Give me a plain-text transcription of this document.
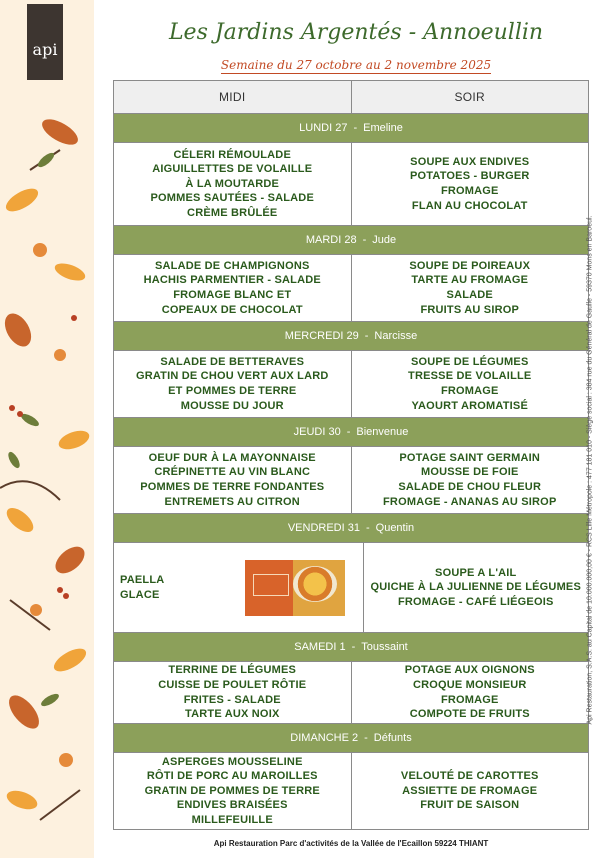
api
Les Jardins Argentés - Annoeullin
Semaine du 27 octobre au 2 novembre 2025
MIDI	SOIR
LUNDI 27 - Emeline
CÉLERI RÉMOULADE
AIGUILLETTES DE VOLAILLE
À LA MOUTARDE
POMMES SAUTÉES - SALADE
CRÈME BRÛLÉE
SOUPE AUX ENDIVES
POTATOES - BURGER
FROMAGE
FLAN AU CHOCOLAT
MARDI 28 - Jude
SALADE DE CHAMPIGNONS
HACHIS PARMENTIER - SALADE
FROMAGE BLANC ET
COPEAUX DE CHOCOLAT
SOUPE DE POIREAUX
TARTE AU FROMAGE
SALADE
FRUITS AU SIROP
MERCREDI 29 - Narcisse
SALADE DE BETTERAVES
GRATIN DE CHOU VERT AUX LARD
ET POMMES DE TERRE
MOUSSE DU JOUR
SOUPE DE LÉGUMES
TRESSE DE VOLAILLE
FROMAGE
YAOURT AROMATISÉ
JEUDI 30 - Bienvenue
OEUF DUR À LA MAYONNAISE
CRÉPINETTE AU VIN BLANC
POMMES DE TERRE FONDANTES
ENTREMETS AU CITRON
POTAGE SAINT GERMAIN
MOUSSE DE FOIE
SALADE DE CHOU FLEUR
FROMAGE - ANANAS AU SIROP
VENDREDI 31 - Quentin
PAELLA
GLACE
SOUPE A L'AIL
QUICHE À LA JULIENNE DE LÉGUMES
FROMAGE - CAFÉ LIÉGEOIS
SAMEDI 1 - Toussaint
TERRINE DE LÉGUMES
CUISSE DE POULET RÔTIE
FRITES - SALADE
TARTE AUX NOIX
POTAGE AUX OIGNONS
CROQUE MONSIEUR
FROMAGE
COMPOTE DE FRUITS
DIMANCHE 2 - Défunts
ASPERGES MOUSSELINE
RÔTI DE PORC AU MAROILLES
GRATIN DE POMMES DE TERRE
ENDIVES BRAISÉES
MILLEFEUILLE
VELOUTÉ DE CAROTTES
ASSIETTE DE FROMAGE
FRUIT DE SAISON
Api Restauration, S.A.S. au Capital de 10.000.000,00 € - RCS Lille Métropole : 477 181 010 - Siège social : 384 rue du Général de Gaulle - 59370 Mons en Baroeul.
Api Restauration Parc d'activités de la Vallée de l'Ecaillon 59224 THIANT
